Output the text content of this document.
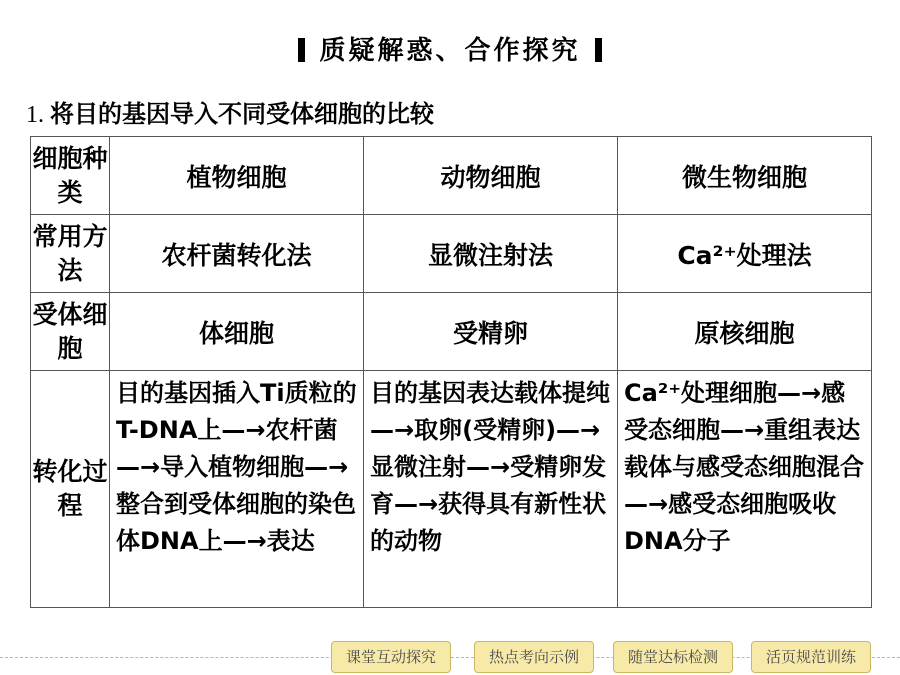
质疑解惑、合作探究
1. 将目的基因导入不同受体细胞的比较
细胞种类	植物细胞	动物细胞	微生物细胞
常用方法	农杆菌转化法	显微注射法	Ca²⁺处理法
受体细胞	体细胞	受精卵	原核细胞
转化过程	目的基因插入Ti质粒的T-DNA上—→农杆菌—→导入植物细胞—→整合到受体细胞的染色体DNA上—→表达	目的基因表达载体提纯—→取卵(受精卵)—→显微注射—→受精卵发育—→获得具有新性状的动物	Ca²⁺处理细胞—→感受态细胞—→重组表达载体与感受态细胞混合—→感受态细胞吸收DNA分子
课堂互动探究	热点考向示例	随堂达标检测	活页规范训练
